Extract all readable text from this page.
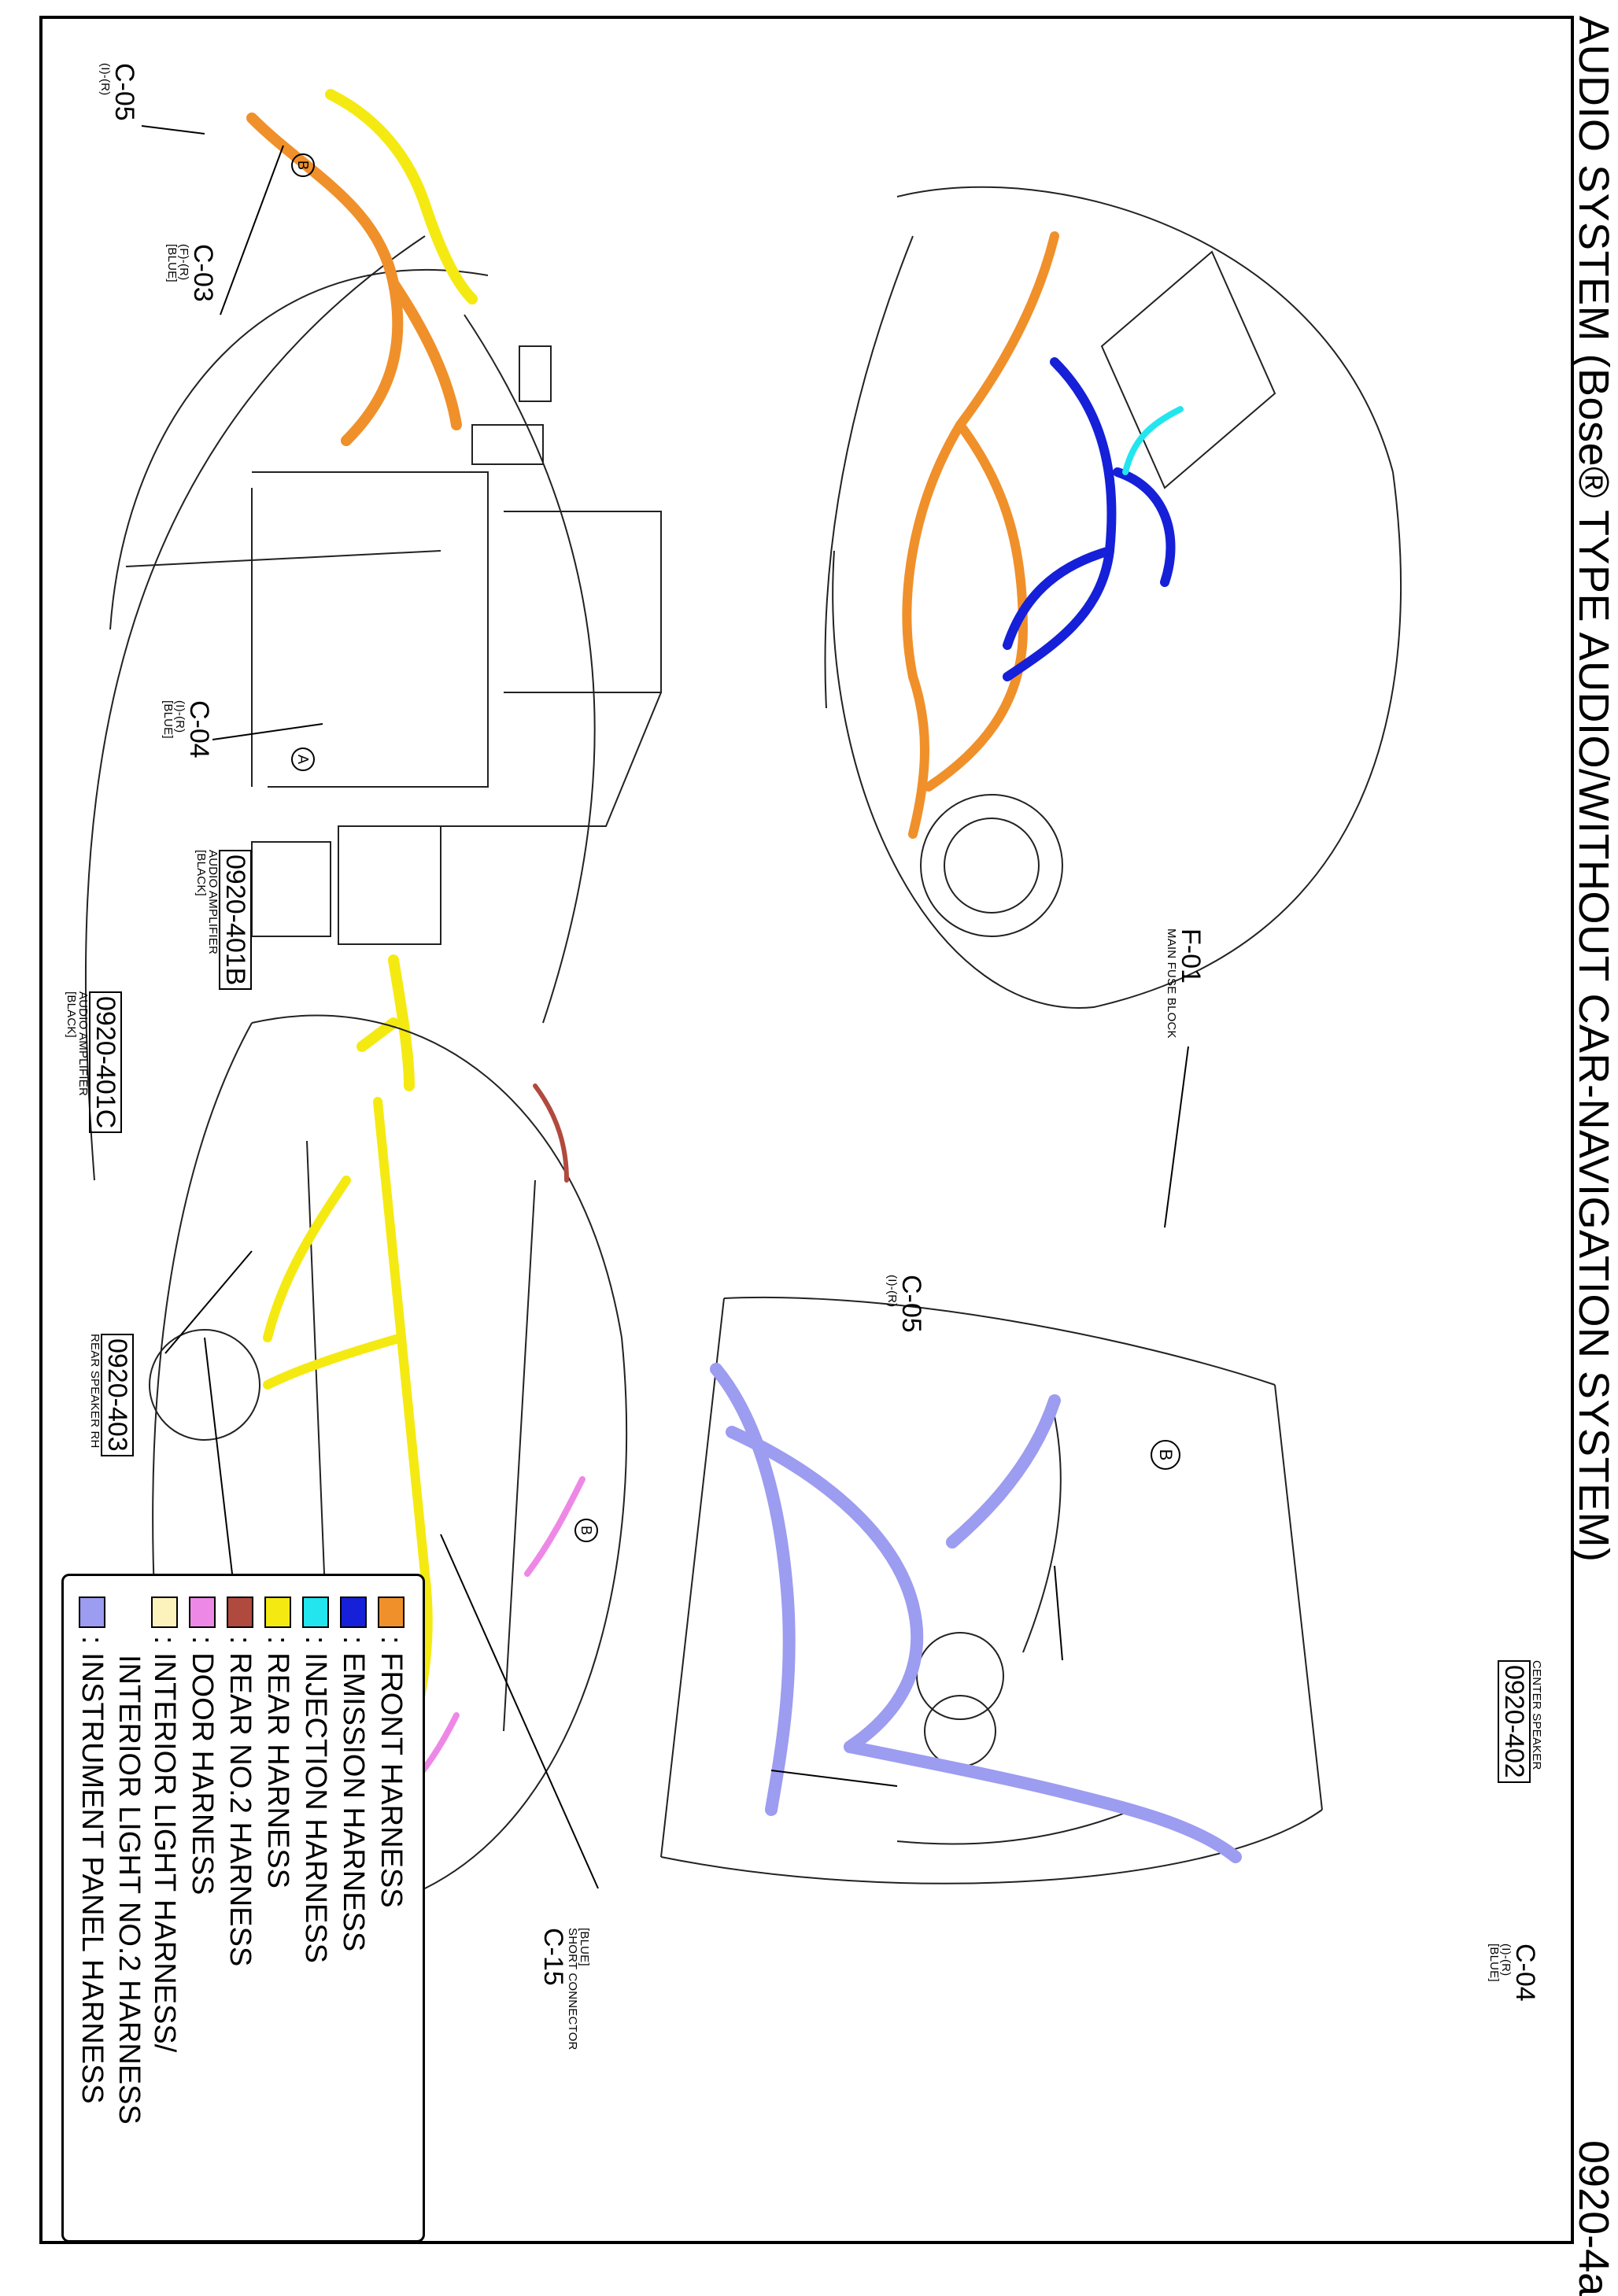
AUDIO SYSTEM (Bose® TYPE AUDIO/WITHOUT CAR-NAVIGATION SYSTEM)
0920-4a
C-05
(I)-(R)
C-03
(F)-(R)
[BLUE]
C-04
(I)-(R)
[BLUE]
A
B
F-01
MAIN FUSE BLOCK
C-05
(I)-(R)
B
CENTER SPEAKER
0920-402
C-04
(I)-(R)
[BLUE]
0920-401B
AUDIO AMPLIFIER
[BLACK]
0920-401C
AUDIO AMPLIFIER
[BLACK]
0920-403
REAR SPEAKER RH
B
[BLUE]
SHORT CONNECTOR
C-15
: FRONT HARNESS
: EMISSION HARNESS
: INJECTION HARNESS
: REAR HARNESS
: REAR NO.2 HARNESS
: DOOR HARNESS
: INTERIOR LIGHT HARNESS/
INTERIOR LIGHT NO.2 HARNESS
: INSTRUMENT PANEL HARNESS
